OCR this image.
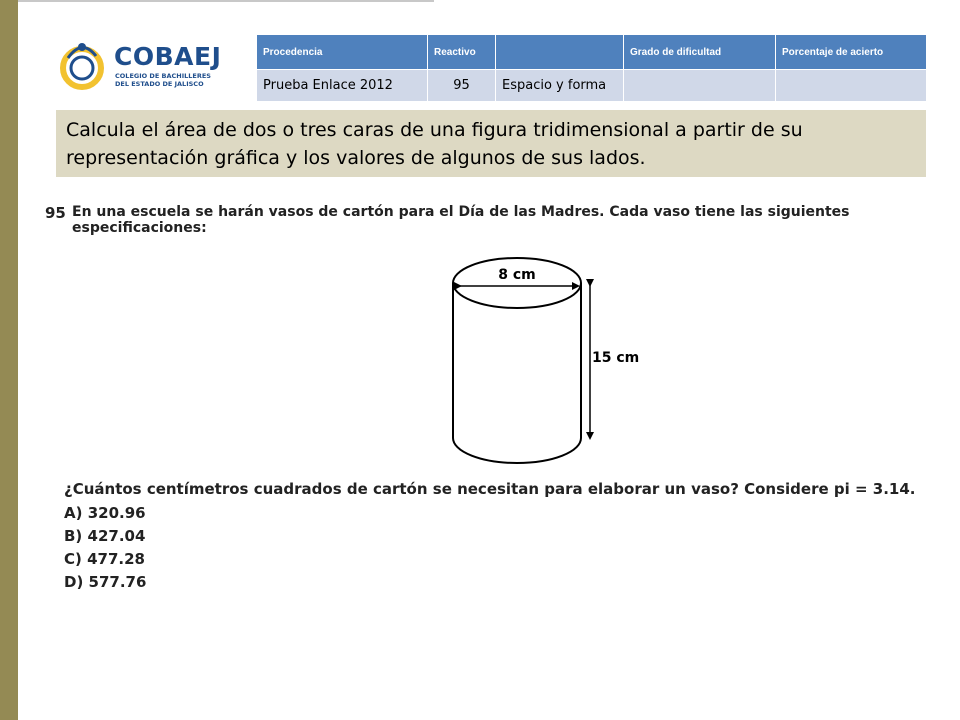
COBAEJ
COLEGIO DE BACHILLERES
DEL ESTADO DE JALISCO
Procedencia	Reactivo		Grado de dificultad	Porcentaje de acierto
Prueba Enlace 2012	95	Espacio y forma		
Calcula el área de dos o tres caras de una figura tridimensional a partir de su representación gráfica y los valores de algunos de sus lados.
95 En una escuela se harán vasos de cartón para el Día de las Madres. Cada vaso tiene las siguientes
especificaciones:
8 cm
15 cm
¿Cuántos centímetros cuadrados de cartón se necesitan para elaborar un vaso? Considere pi = 3.14.
A) 320.96
B) 427.04
C) 477.28
D) 577.76
